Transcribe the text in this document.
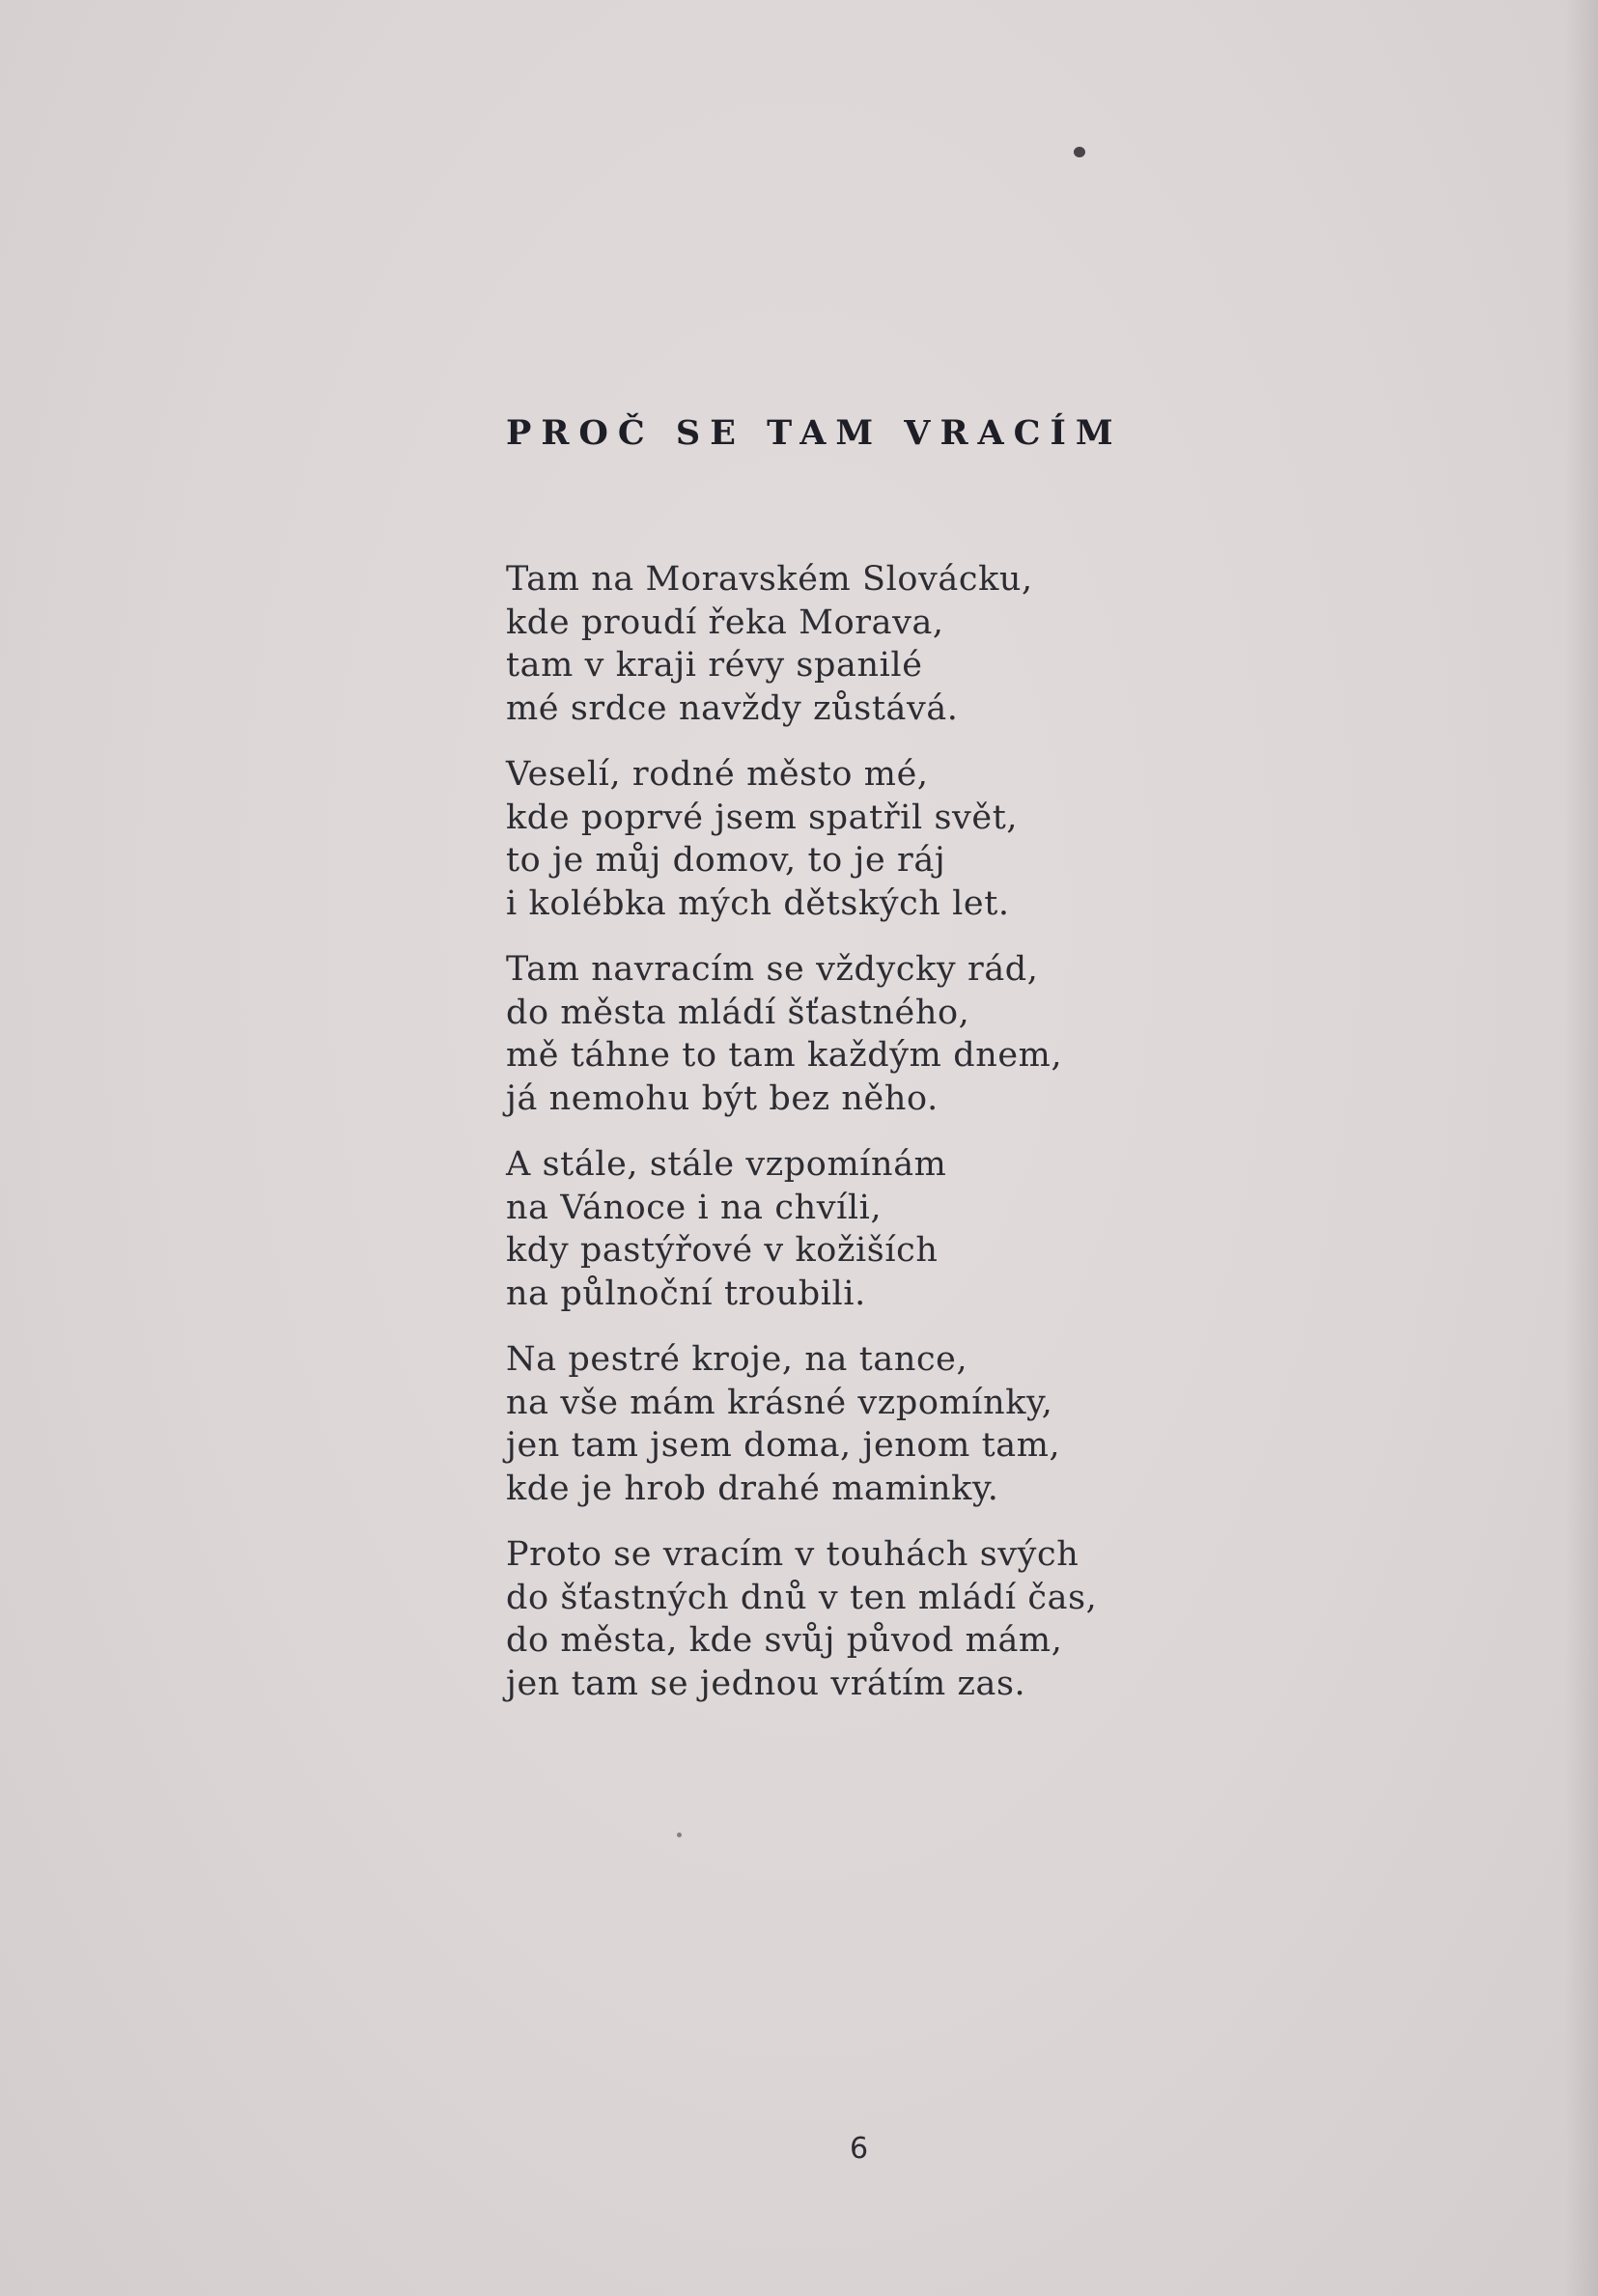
PROČ SE TAM VRACÍM
Tam na Moravském Slovácku,
kde proudí řeka Morava,
tam v kraji révy spanilé
mé srdce navždy zůstává.
Veselí, rodné město mé,
kde poprvé jsem spatřil svět,
to je můj domov, to je ráj
i kolébka mých dětských let.
Tam navracím se vždycky rád,
do města mládí šťastného,
mě táhne to tam každým dnem,
já nemohu být bez něho.
A stále, stále vzpomínám
na Vánoce i na chvíli,
kdy pastýřové v kožiších
na půlnoční troubili.
Na pestré kroje, na tance,
na vše mám krásné vzpomínky,
jen tam jsem doma, jenom tam,
kde je hrob drahé maminky.
Proto se vracím v touhách svých
do šťastných dnů v ten mládí čas,
do města, kde svůj původ mám,
jen tam se jednou vrátím zas.
6
